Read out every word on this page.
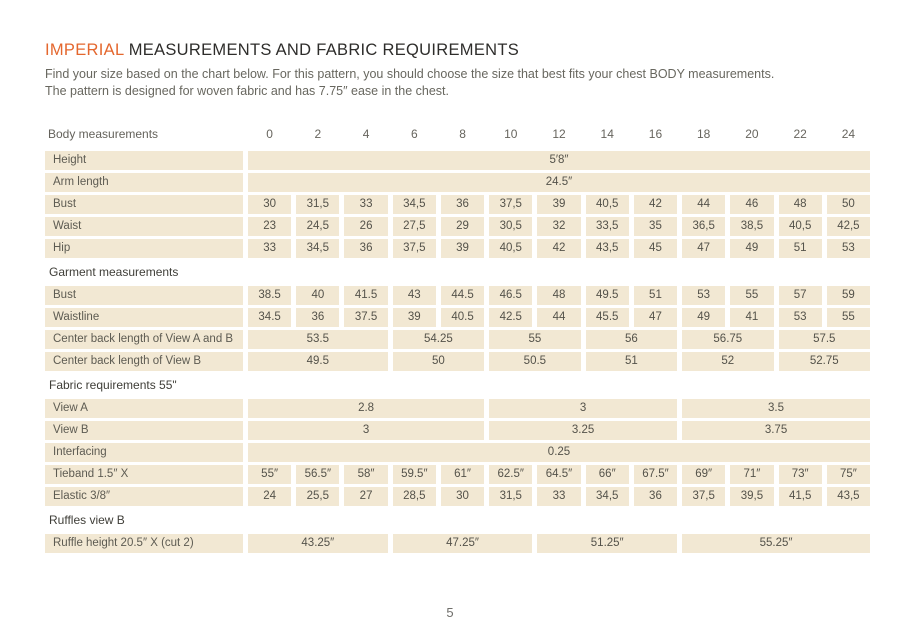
IMPERIAL MEASUREMENTS AND FABRIC REQUIREMENTS

Find your size based on the chart below. For this pattern, you should choose the size that best fits your chest BODY measurements.
The pattern is designed for woven fabric and has 7.75″ ease in the chest.

Body measurements	0	2	4	6	8	10	12	14	16	18	20	22	24
Height	5′8″
Arm length	24.5″
Bust	30	31,5	33	34,5	36	37,5	39	40,5	42	44	46	48	50
Waist	23	24,5	26	27,5	29	30,5	32	33,5	35	36,5	38,5	40,5	42,5
Hip	33	34,5	36	37,5	39	40,5	42	43,5	45	47	49	51	53
Garment measurements
Bust	38.5	40	41.5	43	44.5	46.5	48	49.5	51	53	55	57	59
Waistline	34.5	36	37.5	39	40.5	42.5	44	45.5	47	49	41	53	55
Center back length of View A and B	53.5	54.25	55	56	56.75	57.5
Center back length of View B	49.5	50	50.5	51	52	52.75
Fabric requirements 55"
View A	2.8	3	3.5
View B	3	3.25	3.75
Interfacing	0.25
Tieband 1.5″ X	55″	56.5″	58″	59.5″	61″	62.5″	64.5″	66″	67.5″	69″	71″	73″	75″
Elastic 3/8″	24	25,5	27	28,5	30	31,5	33	34,5	36	37,5	39,5	41,5	43,5
Ruffles view B
Ruffle height 20.5″ X (cut 2)	43.25″	47.25″	51.25″	55.25″
5
